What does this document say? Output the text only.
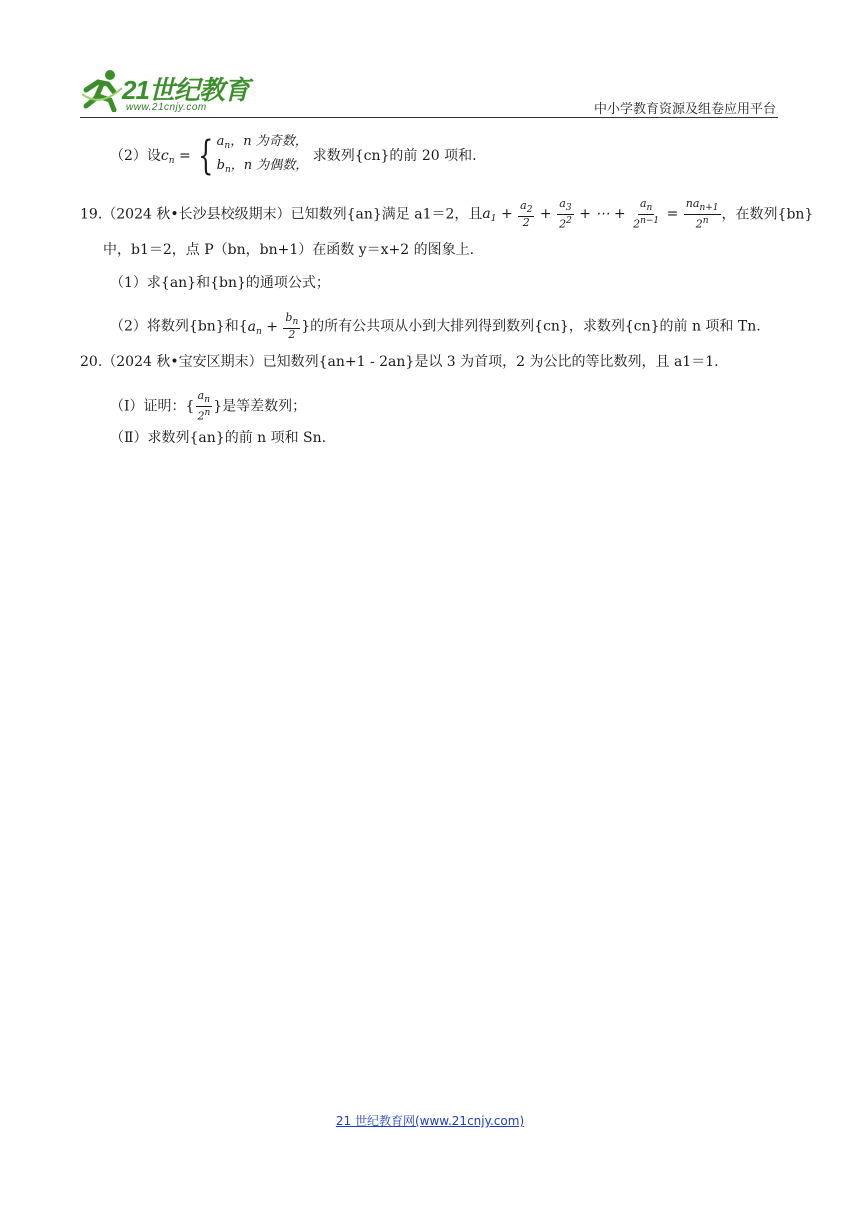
21世纪教育
www.21cnjy.com	中小学教育资源及组卷应用平台
（2）设$c_n$ = { $a_n$，n 为奇数，
$b_n$，n 为偶数，
求数列{cn}的前 20 项和.
19.（2024 秋•长沙县校级期末）已知数列{an}满足 a1＝2，且$a_1 + \frac{a_2}{2} + \frac{a_3}{2^2}$ + ⋯ + $\frac{a_n}{2^{n-1}} = \frac{na_{n+1}}{2^n}$ ，在数列{bn}
中，b1＝2，点 P（bn，bn+1）在函数 y＝x+2 的图象上.
（1）求{an}和{bn}的通项公式；
（2）将数列{bn}和{$a_n + \frac{b_n}{2}$ }的所有公共项从小到大排列得到数列{cn}，求数列{cn}的前 n 项和 Tn.
20.（2024 秋•宝安区期末）已知数列{an+1 - 2an}是以 3 为首项，2 为公比的等比数列，且 a1＝1.
（Ⅰ）证明：{ $\frac{a_n}{2^n}$ }是等差数列；
（Ⅱ）求数列{an}的前 n 项和 Sn.
21 世纪教育网(www.21cnjy.com)
